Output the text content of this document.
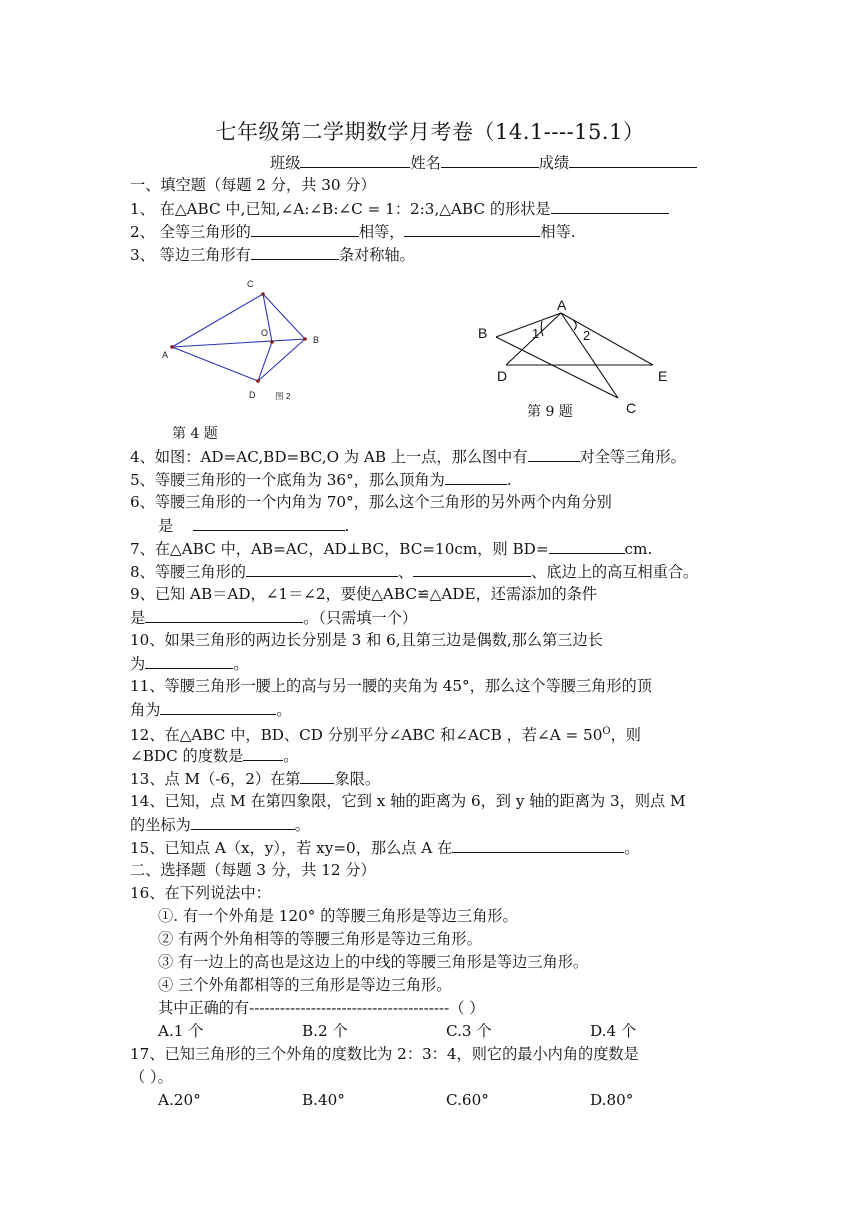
七年级第二学期数学月考卷（14.1----15.1）
班级	姓名	成绩
一、填空题（每题 2 分，共 30 分）
1、 在△ABC 中,已知,∠A:∠B:∠C = 1：2:3,△ABC 的形状是
2、 全等三角形的	相等，	相等.
3、 等边三角形有	条对称轴。
A
C
B
D
O
图 2
第 4 题
A
B
D	E
C
1	2
第 9 题
4、如图：AD=AC,BD=BC,O 为 AB 上一点，那么图中有	对全等三角形。
5、等腰三角形的一个底角为 36°，那么顶角为	.
6、等腰三角形的一个内角为 70°，那么这个三角形的另外两个内角分别
是	.
7、在△ABC 中，AB=AC，AD⊥BC，BC=10cm，则 BD=	cm.
8、等腰三角形的	、	、底边上的高互相重合。
9、已知 AB＝AD，∠1＝∠2，要使△ABC≌△ADE，还需添加的条件
是	。（只需填一个）
10、如果三角形的两边长分别是 3 和 6,且第三边是偶数,那么第三边长
为	。
11、等腰三角形一腰上的高与另一腰的夹角为 45°，那么这个等腰三角形的顶
角为	。
12、在△ABC 中，BD、CD 分别平分∠ABC 和∠ACB ，若∠A = $50^O$，则
∠BDC 的度数是	。
13、点 M（-6，2）在第 象限。
14、已知，点 M 在第四象限，它到 x 轴的距离为 6，到 y 轴的距离为 3，则点 M
的坐标为	。
15、已知点 A（x，y），若 xy=0，那么点 A 在	。
二、选择题（每题 3 分，共 12 分）
16、在下列说法中：
①. 有一个外角是 120° 的等腰三角形是等边三角形。
② 有两个外角相等的等腰三角形是等边三角形。
③ 有一边上的高也是这边上的中线的等腰三角形是等边三角形。
④ 三个外角都相等的三角形是等边三角形。
其中正确的有---------------------------------------（ ）
A.1 个	B.2 个	C.3 个	D.4 个
17、已知三角形的三个外角的度数比为 2：3：4，则它的最小内角的度数是
（ ）。
A.20°	B.40°	C.60°	D.80°
